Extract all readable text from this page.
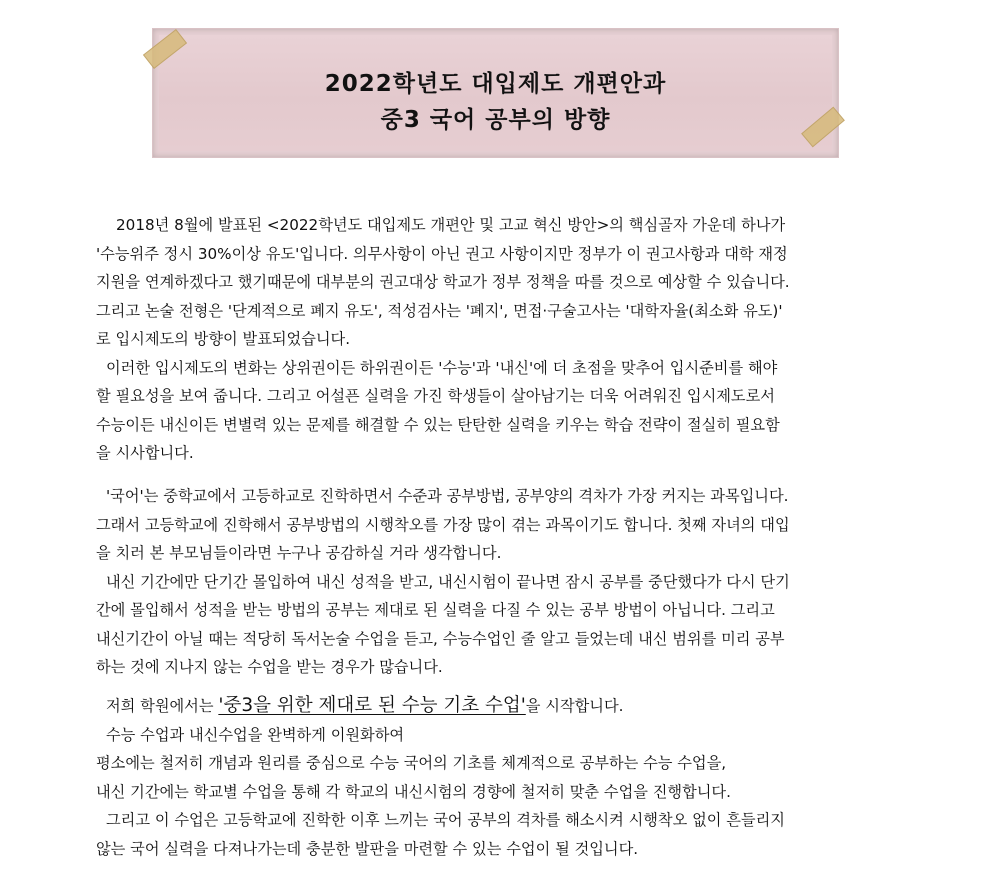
2022학년도 대입제도 개편안과
중3 국어 공부의 방향

2018년 8월에 발표된 <2022학년도 대입제도 개편안 및 고교 혁신 방안>의 핵심골자 가운데 하나가

'수능위주 정시 30%이상 유도'입니다. 의무사항이 아닌 권고 사항이지만 정부가 이 권고사항과 대학 재정

지원을 연계하겠다고 했기때문에 대부분의 권고대상 학교가 정부 정책을 따를 것으로 예상할 수 있습니다.

그리고 논술 전형은 '단계적으로 폐지 유도', 적성검사는 '폐지', 면접·구술고사는 '대학자율(최소화 유도)'

로 입시제도의 방향이 발표되었습니다.

이러한 입시제도의 변화는 상위권이든 하위권이든 '수능'과 '내신'에 더 초점을 맞추어 입시준비를 해야

할 필요성을 보여 줍니다. 그리고 어설픈 실력을 가진 학생들이 살아남기는 더욱 어려워진 입시제도로서

수능이든 내신이든 변별력 있는 문제를 해결할 수 있는 탄탄한 실력을 키우는 학습 전략이 절실히 필요함

을 시사합니다.

'국어'는 중학교에서 고등하교로 진학하면서 수준과 공부방법, 공부양의 격차가 가장 커지는 과목입니다.

그래서 고등학교에 진학해서 공부방법의 시행착오를 가장 많이 겪는 과목이기도 합니다. 첫째 자녀의 대입

을 치러 본 부모님들이라면 누구나 공감하실 거라 생각합니다.

내신 기간에만 단기간 몰입하여 내신 성적을 받고, 내신시험이 끝나면 잠시 공부를 중단했다가 다시 단기

간에 몰입해서 성적을 받는 방법의 공부는 제대로 된 실력을 다질 수 있는 공부 방법이 아닙니다. 그리고

내신기간이 아닐 때는 적당히 독서논술 수업을 듣고, 수능수업인 줄 알고 들었는데 내신 범위를 미리 공부

하는 것에 지나지 않는 수업을 받는 경우가 많습니다.

저희 학원에서는 '중3을 위한 제대로 된 수능 기초 수업'을 시작합니다.

수능 수업과 내신수업을 완벽하게 이원화하여

평소에는 철저히 개념과 원리를 중심으로 수능 국어의 기초를 체계적으로 공부하는 수능 수업을,

내신 기간에는 학교별 수업을 통해 각 학교의 내신시험의 경향에 철저히 맞춘 수업을 진행합니다.

그리고 이 수업은 고등학교에 진학한 이후 느끼는 국어 공부의 격차를 해소시켜 시행착오 없이 흔들리지

않는 국어 실력을 다져나가는데 충분한 발판을 마련할 수 있는 수업이 될 것입니다.
